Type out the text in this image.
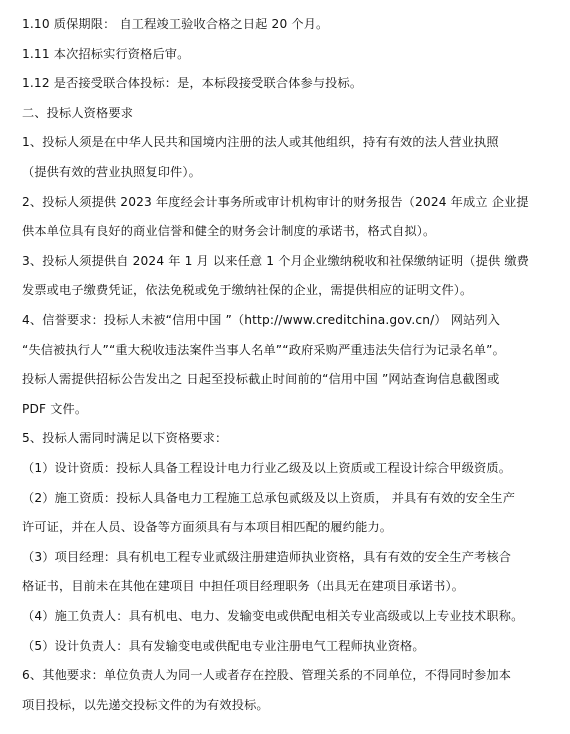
1.10 质保期限： 自工程竣工验收合格之日起 20 个月。
1.11 本次招标实行资格后审。
1.12 是否接受联合体投标：是，本标段接受联合体参与投标。
二、投标人资格要求
1、投标人须是在中华人民共和国境内注册的法人或其他组织，持有有效的法人营业执照
（提供有效的营业执照复印件）。
2、投标人须提供 2023 年度经会计事务所或审计机构审计的财务报告（2024 年成立 企业提
供本单位具有良好的商业信誉和健全的财务会计制度的承诺书，格式自拟）。
3、投标人须提供自 2024 年 1 月 以来任意 1 个月企业缴纳税收和社保缴纳证明（提供 缴费
发票或电子缴费凭证，依法免税或免于缴纳社保的企业，需提供相应的证明文件）。
4、信誉要求：投标人未被“信用中国 ”（http://www.creditchina.gov.cn/） 网站列入
“失信被执行人”“重大税收违法案件当事人名单”“政府采购严重违法失信行为记录名单”。
投标人需提供招标公告发出之 日起至投标截止时间前的“信用中国 ”网站查询信息截图或
PDF 文件。
5、投标人需同时满足以下资格要求：
（1）设计资质：投标人具备工程设计电力行业乙级及以上资质或工程设计综合甲级资质。
（2）施工资质：投标人具备电力工程施工总承包贰级及以上资质， 并具有有效的安全生产
许可证，并在人员、设备等方面须具有与本项目相匹配的履约能力。
（3）项目经理：具有机电工程专业贰级注册建造师执业资格，具有有效的安全生产考核合
格证书，目前未在其他在建项目 中担任项目经理职务（出具无在建项目承诺书）。
（4）施工负责人：具有机电、电力、发输变电或供配电相关专业高级或以上专业技术职称。
（5）设计负责人：具有发输变电或供配电专业注册电气工程师执业资格。
6、其他要求：单位负责人为同一人或者存在控股、管理关系的不同单位，不得同时参加本
项目投标，以先递交投标文件的为有效投标。
